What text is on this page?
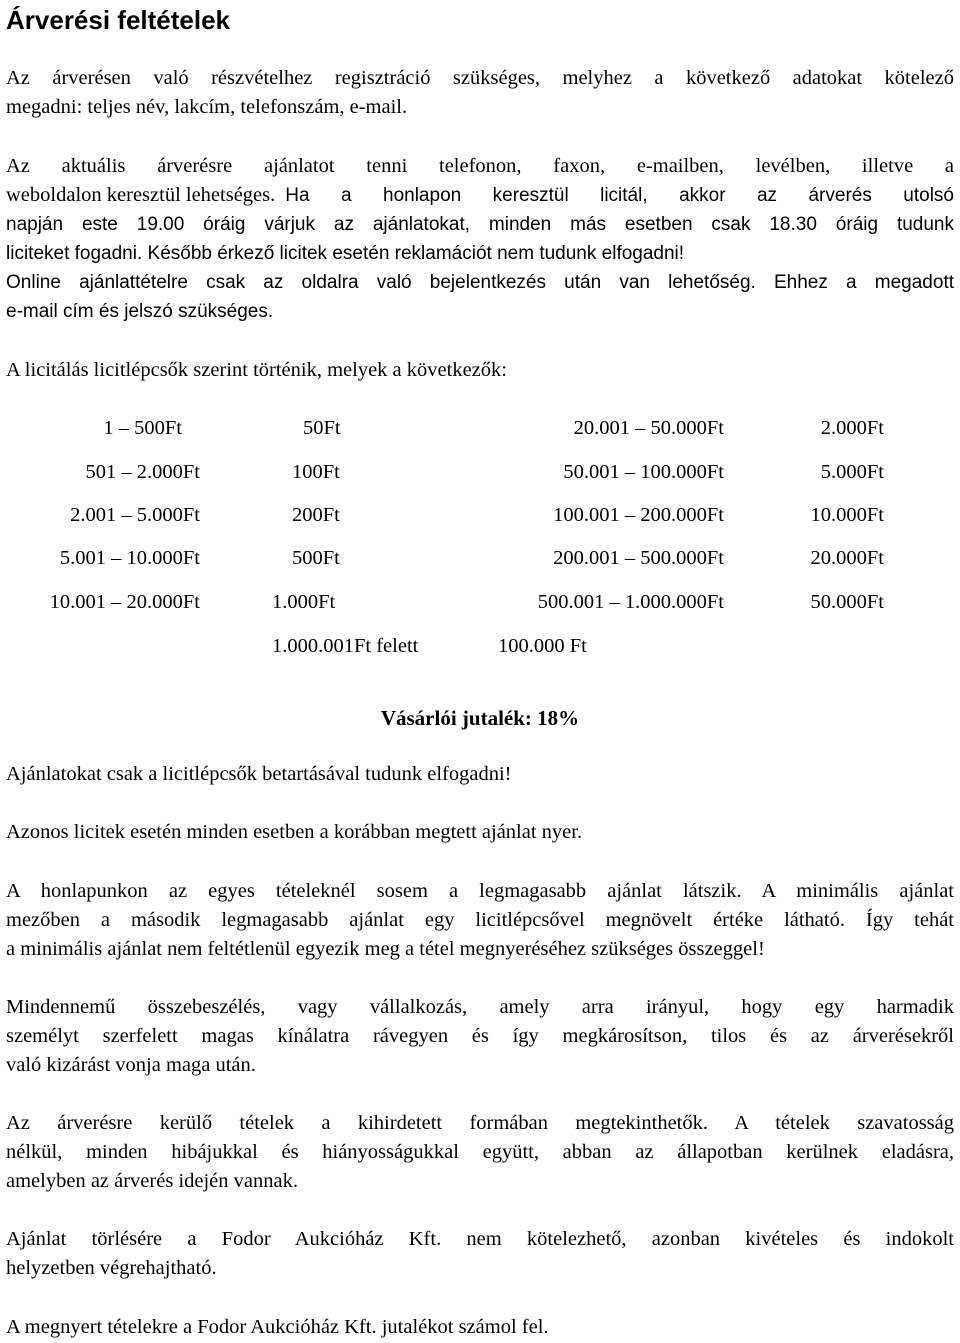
Árverési feltételek
Az árverésen való részvételhez regisztráció szükséges, melyhez a következő adatokat kötelező
megadni: teljes név, lakcím, telefonszám, e-mail.
Az aktuális árverésre ajánlatot tenni telefonon, faxon, e-mailben, levélben, illetve a
weboldalon keresztül lehetséges. Ha a honlapon keresztül licitál, akkor az árverés utolsó
napján este 19.00 óráig várjuk az ajánlatokat, minden más esetben csak 18.30 óráig tudunk
liciteket fogadni. Később érkező licitek esetén reklamációt nem tudunk elfogadni!
Online ajánlattételre csak az oldalra való bejelentkezés után van lehetőség. Ehhez a megadott
e-mail cím és jelszó szükséges.

A licitálás licitlépcsők szerint történik, melyek a következők:

1 – 500Ft	50Ft
501 – 2.000Ft	100Ft
2.001 – 5.000Ft	200Ft
5.001 – 10.000Ft	500Ft
10.001 – 20.000Ft	1.000Ft
20.001 – 50.000Ft	2.000Ft
50.001 – 100.000Ft	5.000Ft
100.001 – 200.000Ft	10.000Ft
200.001 – 500.000Ft	20.000Ft
500.001 – 1.000.000Ft	50.000Ft
1.000.001Ft felett	100.000 Ft
Vásárlói jutalék: 18%
Ajánlatokat csak a licitlépcsők betartásával tudunk elfogadni!
Azonos licitek esetén minden esetben a korábban megtett ajánlat nyer.
A honlapunkon az egyes tételeknél sosem a legmagasabb ajánlat látszik. A minimális ajánlat
mezőben a második legmagasabb ajánlat egy licitlépcsővel megnövelt értéke látható. Így tehát
a minimális ajánlat nem feltétlenül egyezik meg a tétel megnyeréséhez szükséges összeggel!
Mindennemű összebeszélés, vagy vállalkozás, amely arra irányul, hogy egy harmadik
személyt szerfelett magas kínálatra rávegyen és így megkárosítson, tilos és az árverésekről
való kizárást vonja maga után.
Az árverésre kerülő tételek a kihirdetett formában megtekinthetők. A tételek szavatosság
nélkül, minden hibájukkal és hiányosságukkal együtt, abban az állapotban kerülnek eladásra,
amelyben az árverés idején vannak.
Ajánlat törlésére a Fodor Aukcióház Kft. nem kötelezhető, azonban kivételes és indokolt
helyzetben végrehajtható.
A megnyert tételekre a Fodor Aukcióház Kft. jutalékot számol fel.
